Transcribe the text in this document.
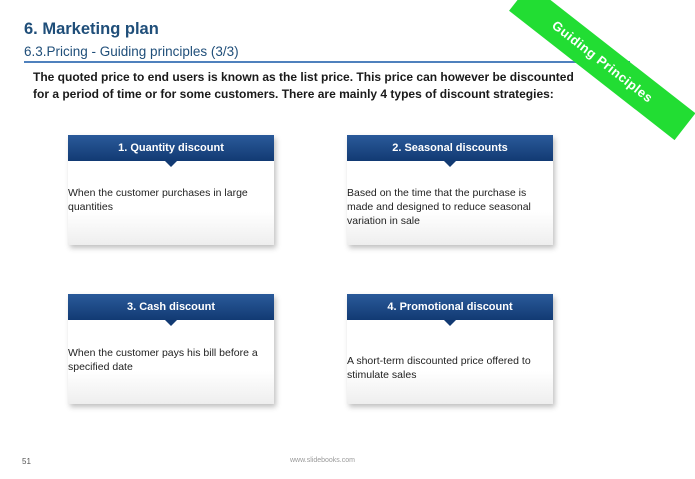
6. Marketing plan
6.3.Pricing - Guiding principles (3/3)	Guiding Principles
The quoted price to end users is known as the list price. This price can however be discounted for a period of time or for some customers. There are mainly 4 types of discount strategies:
1. Quantity discount
When the customer purchases in large quantities
2. Seasonal discounts
Based on the time that the purchase is made and designed to reduce seasonal variation in sale
3. Cash discount
When the customer pays his bill before a specified date
4. Promotional discount
A short-term discounted price offered to stimulate sales
51	www.slidebooks.com
